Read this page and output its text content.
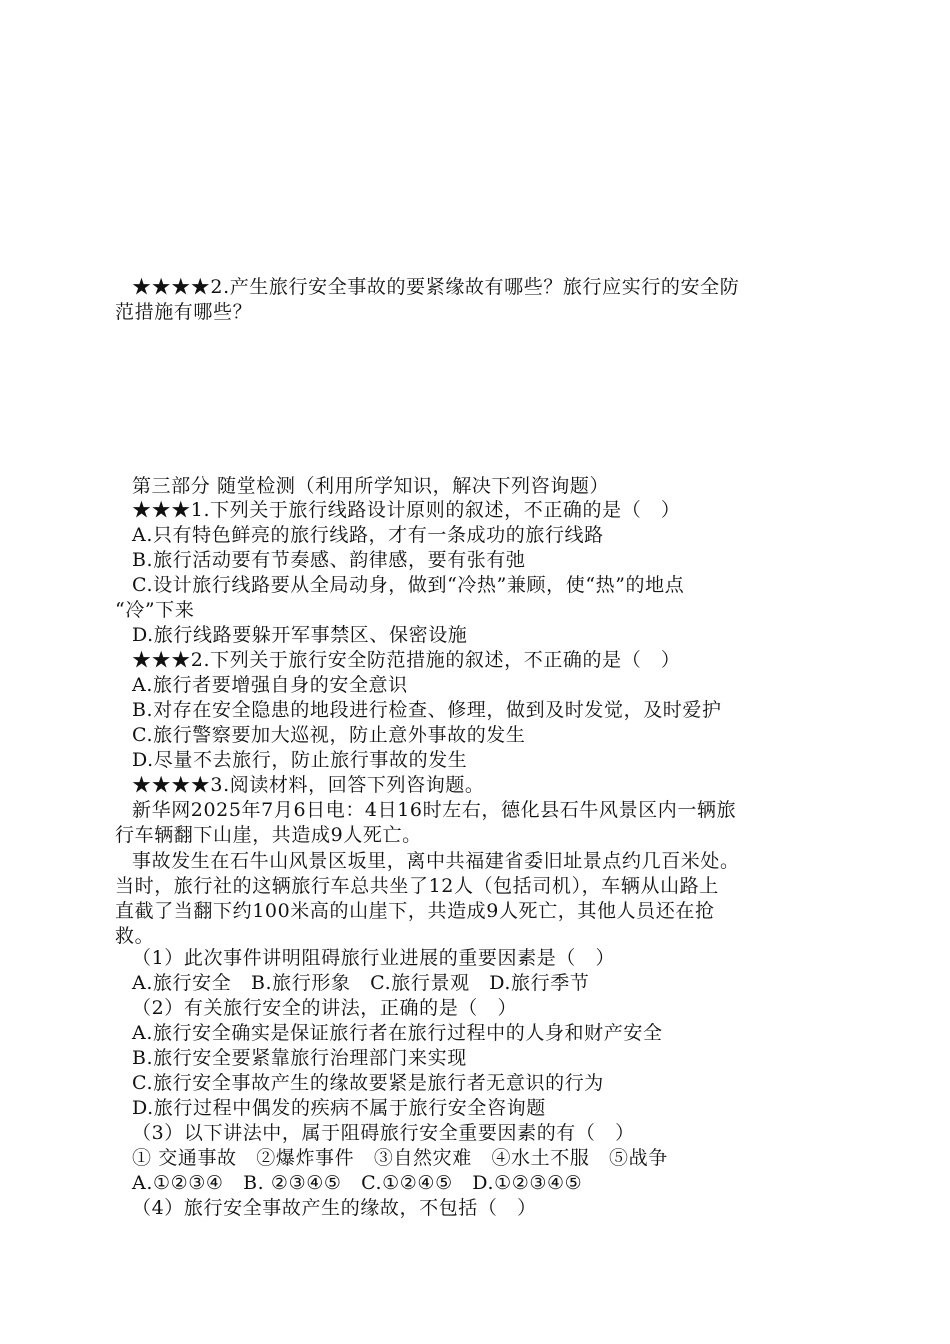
★★★★2.产生旅行安全事故的要紧缘故有哪些？旅行应实行的安全防
范措施有哪些？
第三部分 随堂检测（利用所学知识，解决下列咨询题）
★★★1.下列关于旅行线路设计原则的叙述，不正确的是（　）
A.只有特色鲜亮的旅行线路，才有一条成功的旅行线路
B.旅行活动要有节奏感、韵律感，要有张有弛
C.设计旅行线路要从全局动身，做到“冷热”兼顾，使“热”的地点
“冷”下来
D.旅行线路要躲开军事禁区、保密设施
★★★2.下列关于旅行安全防范措施的叙述，不正确的是（　）
A.旅行者要增强自身的安全意识
B.对存在安全隐患的地段进行检查、修理，做到及时发觉，及时爱护
C.旅行警察要加大巡视，防止意外事故的发生
D.尽量不去旅行，防止旅行事故的发生
★★★★3.阅读材料，回答下列咨询题。
新华网2025年7月6日电：4日16时左右，德化县石牛风景区内一辆旅
行车辆翻下山崖，共造成9人死亡。
事故发生在石牛山风景区坂里，离中共福建省委旧址景点约几百米处。
当时，旅行社的这辆旅行车总共坐了12人（包括司机），车辆从山路上
直截了当翻下约100米高的山崖下，共造成9人死亡，其他人员还在抢
救。
（1）此次事件讲明阻碍旅行业进展的重要因素是（　）
A.旅行安全　B.旅行形象　C.旅行景观　D.旅行季节
（2）有关旅行安全的讲法，正确的是（　）
A.旅行安全确实是保证旅行者在旅行过程中的人身和财产安全
B.旅行安全要紧靠旅行治理部门来实现
C.旅行安全事故产生的缘故要紧是旅行者无意识的行为
D.旅行过程中偶发的疾病不属于旅行安全咨询题
（3）以下讲法中，属于阻碍旅行安全重要因素的有（　）
① 交通事故　②爆炸事件　③自然灾难　④水土不服　⑤战争
A.①②③④　B. ②③④⑤　C.①②④⑤　D.①②③④⑤
（4）旅行安全事故产生的缘故，不包括（　）
